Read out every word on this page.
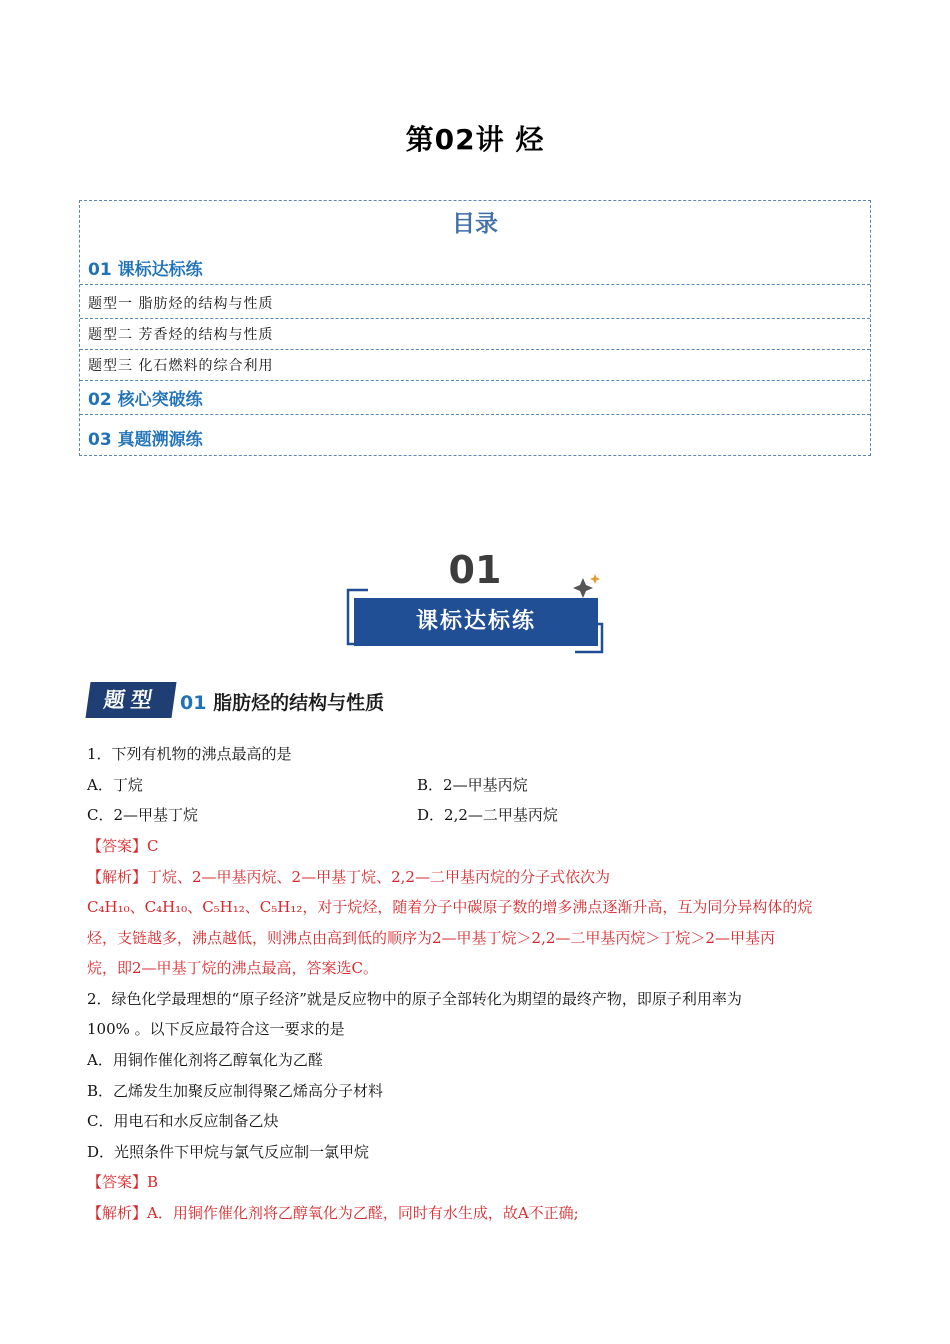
第02讲 烃
目录
01 课标达标练
题型一 脂肪烃的结构与性质
题型二 芳香烃的结构与性质
题型三 化石燃料的综合利用
02 核心突破练
03 真题溯源练
01
课标达标练
题型	01 脂肪烃的结构与性质
1．下列有机物的沸点最高的是
A．丁烷	B．2—甲基丙烷
C．2—甲基丁烷	D．2,2—二甲基丙烷
【答案】C
【解析】丁烷、2—甲基丙烷、2—甲基丁烷、2,2—二甲基丙烷的分子式依次为
C₄H₁₀、C₄H₁₀、C₅H₁₂、C₅H₁₂，对于烷烃，随着分子中碳原子数的增多沸点逐渐升高，互为同分异构体的烷
烃，支链越多，沸点越低，则沸点由高到低的顺序为2—甲基丁烷＞2,2—二甲基丙烷＞丁烷＞2—甲基丙
烷，即2—甲基丁烷的沸点最高，答案选C。
2．绿色化学最理想的“原子经济”就是反应物中的原子全部转化为期望的最终产物，即原子利用率为
100% 。以下反应最符合这一要求的是
A．用铜作催化剂将乙醇氧化为乙醛
B．乙烯发生加聚反应制得聚乙烯高分子材料
C．用电石和水反应制备乙炔
D．光照条件下甲烷与氯气反应制一氯甲烷
【答案】B
【解析】A．用铜作催化剂将乙醇氧化为乙醛，同时有水生成，故A不正确;
